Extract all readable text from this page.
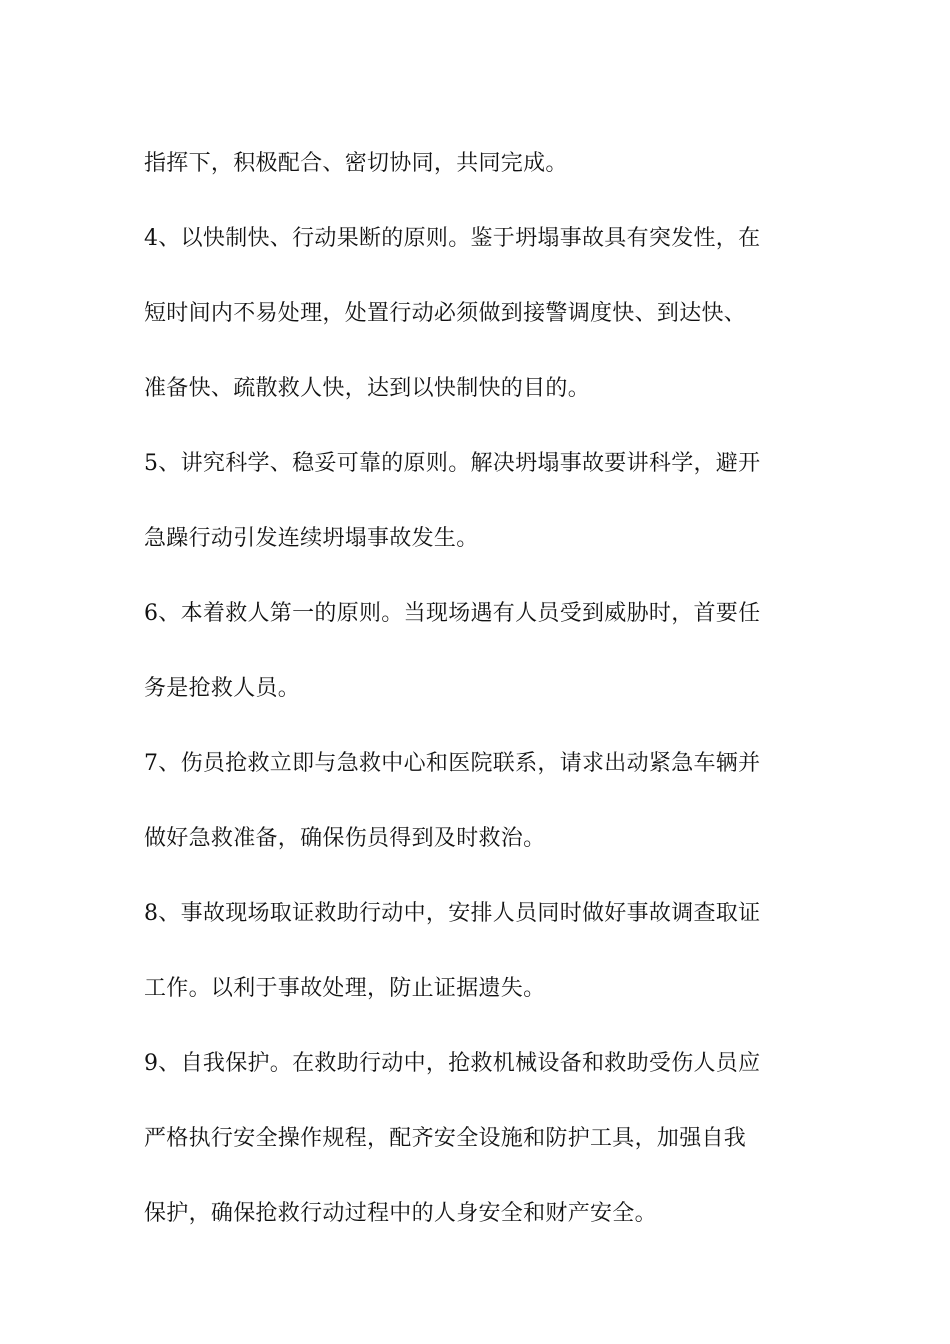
指挥下，积极配合、密切协同，共同完成。
4、以快制快、行动果断的原则。鉴于坍塌事故具有突发性，在
短时间内不易处理，处置行动必须做到接警调度快、到达快、
准备快、疏散救人快，达到以快制快的目的。
5、讲究科学、稳妥可靠的原则。解决坍塌事故要讲科学，避开
急躁行动引发连续坍塌事故发生。
6、本着救人第一的原则。当现场遇有人员受到威胁时，首要任
务是抢救人员。
7、伤员抢救立即与急救中心和医院联系，请求出动紧急车辆并
做好急救准备，确保伤员得到及时救治。
8、事故现场取证救助行动中，安排人员同时做好事故调查取证
工作。以利于事故处理，防止证据遗失。
9、自我保护。在救助行动中，抢救机械设备和救助受伤人员应
严格执行安全操作规程，配齐安全设施和防护工具，加强自我
保护，确保抢救行动过程中的人身安全和财产安全。
